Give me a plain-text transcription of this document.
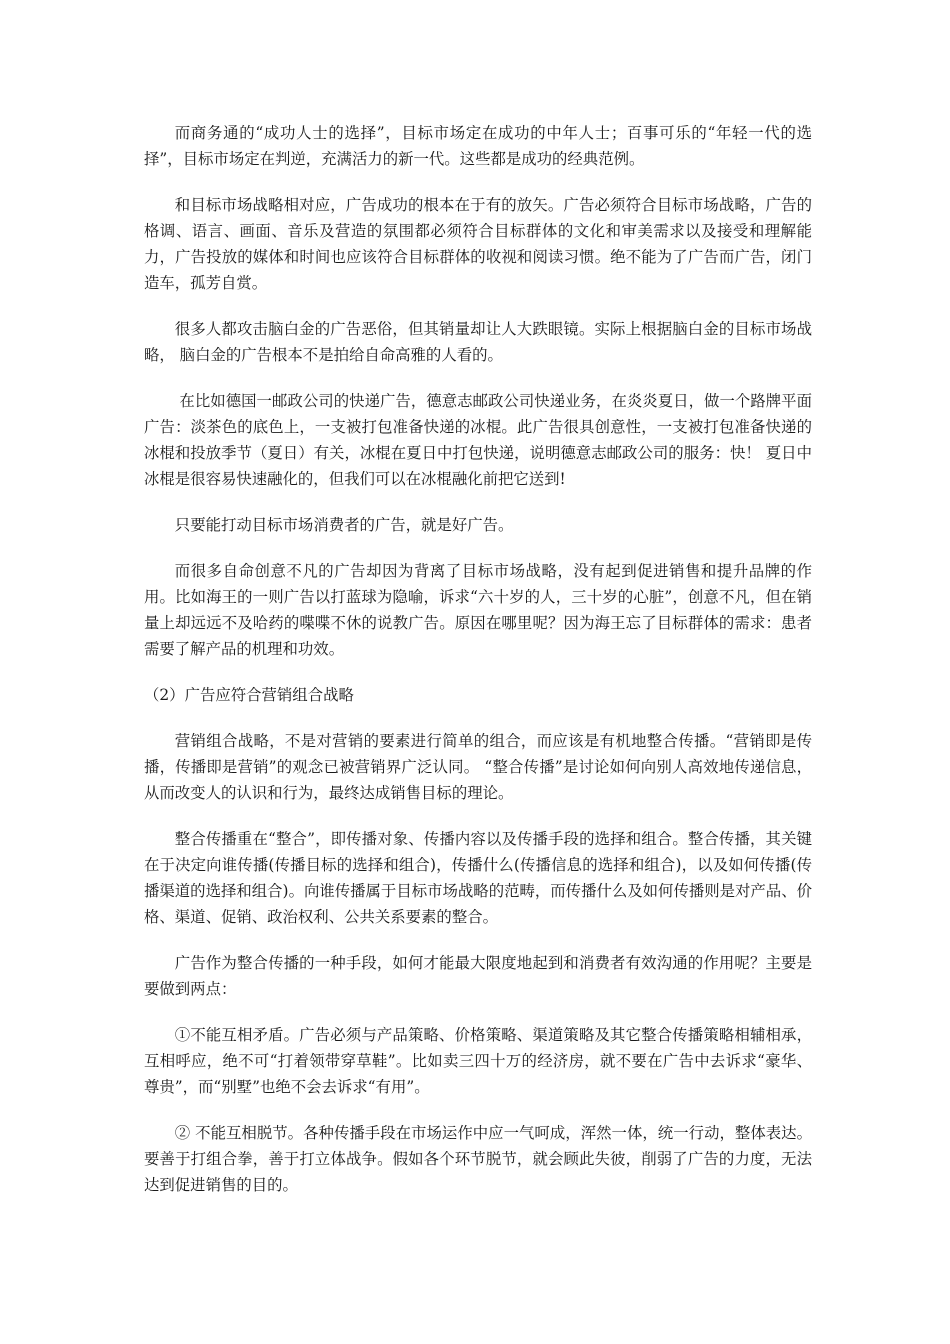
而商务通的“成功人士的选择”，目标市场定在成功的中年人士；百事可乐的“年轻一代的选择”，目标市场定在判逆，充满活力的新一代。这些都是成功的经典范例。

和目标市场战略相对应，广告成功的根本在于有的放矢。广告必须符合目标市场战略，广告的格调、语言、画面、音乐及营造的氛围都必须符合目标群体的文化和审美需求以及接受和理解能力，广告投放的媒体和时间也应该符合目标群体的收视和阅读习惯。绝不能为了广告而广告，闭门造车，孤芳自赏。

很多人都攻击脑白金的广告恶俗，但其销量却让人大跌眼镜。实际上根据脑白金的目标市场战略， 脑白金的广告根本不是拍给自命高雅的人看的。

在比如德国一邮政公司的快递广告，德意志邮政公司快递业务，在炎炎夏日，做一个路牌平面广告：淡茶色的底色上，一支被打包准备快递的冰棍。此广告很具创意性，一支被打包准备快递的冰棍和投放季节（夏日）有关，冰棍在夏日中打包快递，说明德意志邮政公司的服务：快！ 夏日中冰棍是很容易快速融化的，但我们可以在冰棍融化前把它送到!

只要能打动目标市场消费者的广告，就是好广告。

而很多自命创意不凡的广告却因为背离了目标市场战略，没有起到促进销售和提升品牌的作用。比如海王的一则广告以打蓝球为隐喻，诉求“六十岁的人，三十岁的心脏”，创意不凡，但在销量上却远远不及哈药的喋喋不休的说教广告。原因在哪里呢？因为海王忘了目标群体的需求：患者需要了解产品的机理和功效。

（2）广告应符合营销组合战略

营销组合战略，不是对营销的要素进行简单的组合，而应该是有机地整合传播。“营销即是传播，传播即是营销”的观念已被营销界广泛认同。 “整合传播”是讨论如何向别人高效地传递信息，从而改变人的认识和行为，最终达成销售目标的理论。

整合传播重在“整合”，即传播对象、传播内容以及传播手段的选择和组合。整合传播，其关键在于决定向谁传播(传播目标的选择和组合)，传播什么(传播信息的选择和组合)，以及如何传播(传播渠道的选择和组合)。向谁传播属于目标市场战略的范畴，而传播什么及如何传播则是对产品、价格、渠道、促销、政治权利、公共关系要素的整合。

广告作为整合传播的一种手段，如何才能最大限度地起到和消费者有效沟通的作用呢？主要是要做到两点：

①不能互相矛盾。广告必须与产品策略、价格策略、渠道策略及其它整合传播策略相辅相承，互相呼应，绝不可“打着领带穿草鞋”。比如卖三四十万的经济房，就不要在广告中去诉求“豪华、尊贵”，而“别墅”也绝不会去诉求“有用”。

② 不能互相脱节。各种传播手段在市场运作中应一气呵成，浑然一体，统一行动，整体表达。要善于打组合拳，善于打立体战争。假如各个环节脱节，就会顾此失彼，削弱了广告的力度，无法达到促进销售的目的。
